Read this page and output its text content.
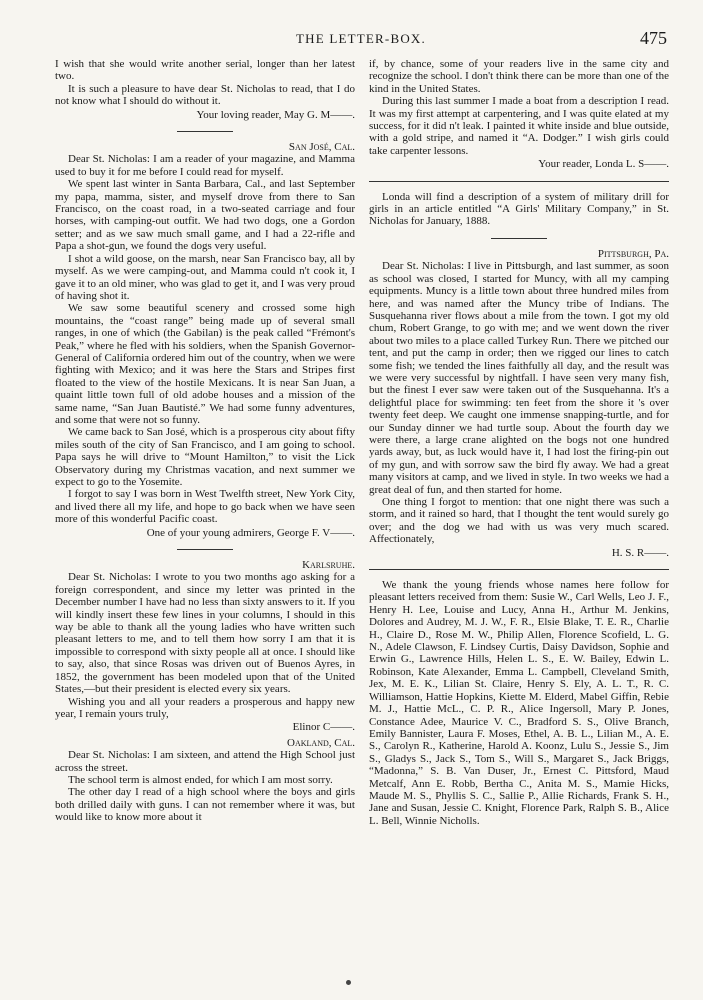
THE LETTER-BOX.	475

I wish that she would write another serial, longer than her latest two.

It is such a pleasure to have dear St. Nicholas to read, that I do not know what I should do without it.

Your loving reader, May G. M——.
San José, Cal.

Dear St. Nicholas: I am a reader of your magazine, and Mamma used to buy it for me before I could read for myself.

We spent last winter in Santa Barbara, Cal., and last September my papa, mamma, sister, and myself drove from there to San Francisco, on the coast road, in a two-seated carriage and four horses, with camping-out outfit. We had two dogs, one a Gordon setter; and as we saw much small game, and I had a 22-rifle and Papa a shot-gun, we found the dogs very useful.

I shot a wild goose, on the marsh, near San Francisco bay, all by myself. As we were camping-out, and Mamma could n't cook it, I gave it to an old miner, who was glad to get it, and I was very proud of having shot it.

We saw some beautiful scenery and crossed some high mountains, the “coast range” being made up of several small ranges, in one of which (the Gabilan) is the peak called “Frémont's Peak,” where he fled with his soldiers, when the Spanish Governor-General of California ordered him out of the country, when we were fighting with Mexico; and it was here the Stars and Stripes first floated to the view of the hostile Mexicans. It is near San Juan, a quaint little town full of old adobe houses and a mission of the same name, “San Juan Bautisté.” We had some funny adventures, and some that were not so funny.

We came back to San José, which is a prosperous city about fifty miles south of the city of San Francisco, and I am going to school. Papa says he will drive to “Mount Hamilton,” to visit the Lick Observatory during my Christmas vacation, and next summer we expect to go to the Yosemite.

I forgot to say I was born in West Twelfth street, New York City, and lived there all my life, and hope to go back when we have seen more of this wonderful Pacific coast.

One of your young admirers, George F. V——.
Karlsruhe.

Dear St. Nicholas: I wrote to you two months ago asking for a foreign correspondent, and since my letter was printed in the December number I have had no less than sixty answers to it. If you will kindly insert these few lines in your columns, I should in this way be able to thank all the young ladies who have written such pleasant letters to me, and to tell them how sorry I am that it is impossible to correspond with sixty people all at once. I should like to say, also, that since Rosas was driven out of Buenos Ayres, in 1852, the government has been modeled upon that of the United States,—but their president is elected every six years.

Wishing you and all your readers a prosperous and happy new year, I remain yours truly,

Elinor C——.
Oakland, Cal.

Dear St. Nicholas: I am sixteen, and attend the High School just across the street.

The school term is almost ended, for which I am most sorry.

The other day I read of a high school where the boys and girls both drilled daily with guns. I can not remember where it was, but would like to know more about it

if, by chance, some of your readers live in the same city and recognize the school. I don't think there can be more than one of the kind in the United States.

During this last summer I made a boat from a description I read. It was my first attempt at carpentering, and I was quite elated at my success, for it did n't leak. I painted it white inside and blue outside, with a gold stripe, and named it “A. Dodger.” I wish girls could take carpenter lessons.

Your reader, Londa L. S——.

Londa will find a description of a system of military drill for girls in an article entitled “A Girls' Military Company,” in St. Nicholas for January, 1888.

Pittsburgh, Pa.

Dear St. Nicholas: I live in Pittsburgh, and last summer, as soon as school was closed, I started for Muncy, with all my camping equipments. Muncy is a little town about three hundred miles from here, and was named after the Muncy tribe of Indians. The Susquehanna river flows about a mile from the town. I got my old chum, Robert Grange, to go with me; and we went down the river about two miles to a place called Turkey Run. There we pitched our tent, and put the camp in order; then we rigged our lines to catch some fish; we tended the lines faithfully all day, and the result was we were very successful by nightfall. I have seen very many fish, but the finest I ever saw were taken out of the Susquehanna. It's a delightful place for swimming: ten feet from the shore it 's over twenty feet deep. We caught one immense snapping-turtle, and for our Sunday dinner we had turtle soup. About the fourth day we were there, a large crane alighted on the bogs not one hundred yards away, but, as luck would have it, I had lost the firing-pin out of my gun, and with sorrow saw the bird fly away. We had a great many visitors at camp, and we lived in style. In two weeks we had a great deal of fun, and then started for home.

One thing I forgot to mention: that one night there was such a storm, and it rained so hard, that I thought the tent would surely go over; and the dog we had with us was very much scared. Affectionately,

H. S. R——.

We thank the young friends whose names here follow for pleasant letters received from them: Susie W., Carl Wells, Leo J. F., Henry H. Lee, Louise and Lucy, Anna H., Arthur M. Jenkins, Dolores and Audrey, M. J. W., F. R., Elsie Blake, T. E. R., Charlie H., Claire D., Rose M. W., Philip Allen, Florence Scofield, L. G. N., Adele Clawson, F. Lindsey Curtis, Daisy Davidson, Sophie and Erwin G., Lawrence Hills, Helen L. S., E. W. Bailey, Edwin L. Robinson, Kate Alexander, Emma L. Campbell, Cleveland Smith, Jex, M. E. K., Lilian St. Claire, Henry S. Ely, A. L. T., R. C. Williamson, Hattie Hopkins, Kiette M. Elderd, Mabel Giffin, Rebie M. J., Hattie McL., C. P. R., Alice Ingersoll, Mary P. Jones, Constance Adee, Maurice V. C., Bradford S. S., Olive Branch, Emily Bannister, Laura F. Moses, Ethel, A. B. L., Lilian M., A. E. S., Carolyn R., Katherine, Harold A. Koonz, Lulu S., Jessie S., Jim S., Gladys S., Jack S., Tom S., Will S., Margaret S., Jack Briggs, “Madonna,” S. B. Van Duser, Jr., Ernest C. Pittsford, Maud Metcalf, Ann E. Robb, Bertha C., Anita M. S., Mamie Hicks, Maude M. S., Phyllis S. C., Sallie P., Allie Richards, Frank S. H., Jane and Susan, Jessie C. Knight, Florence Park, Ralph S. B., Alice L. Bell, Winnie Nicholls.
